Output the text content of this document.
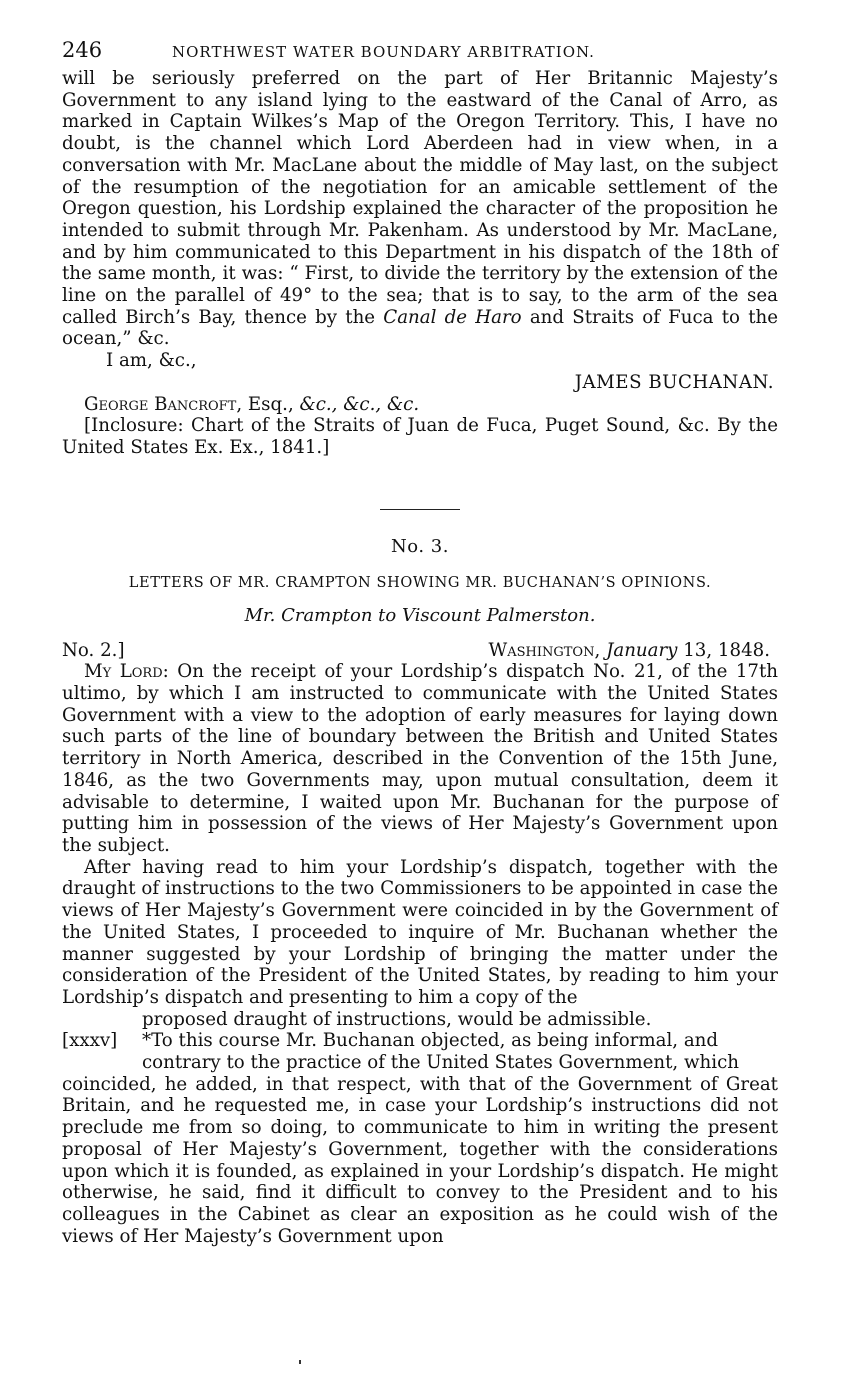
246	NORTHWEST WATER BOUNDARY ARBITRATION.

will be seriously preferred on the part of Her Britannic Majesty’s Government to any island lying to the eastward of the Canal of Arro, as marked in Captain Wilkes’s Map of the Oregon Territory. This, I have no doubt, is the channel which Lord Aberdeen had in view when, in a conversation with Mr. MacLane about the middle of May last, on the subject of the resumption of the negotiation for an amicable settlement of the Oregon question, his Lordship explained the character of the proposition he intended to submit through Mr. Pakenham. As understood by Mr. MacLane, and by him communicated to this Department in his dispatch of the 18th of the same month, it was: “ First, to divide the territory by the extension of the line on the parallel of 49° to the sea; that is to say, to the arm of the sea called Birch’s Bay, thence by the Canal de Haro and Straits of Fuca to the ocean,” &c.

I am, &c.,

JAMES BUCHANAN.

George Bancroft, Esq., &c., &c., &c.

[Inclosure: Chart of the Straits of Juan de Fuca, Puget Sound, &c. By the United States Ex. Ex., 1841.]

No. 3.
LETTERS OF MR. CRAMPTON SHOWING MR. BUCHANAN’S OPINIONS.
Mr. Crampton to Viscount Palmerston.
No. 2.]	Washington, January 13, 1848.

My Lord: On the receipt of your Lordship’s dispatch No. 21, of the 17th ultimo, by which I am instructed to communicate with the United States Government with a view to the adoption of early measures for laying down such parts of the line of boundary between the British and United States territory in North America, described in the Convention of the 15th June, 1846, as the two Governments may, upon mutual consultation, deem it advisable to determine, I waited upon Mr. Buchanan for the purpose of putting him in possession of the views of Her Majesty’s Government upon the subject.

After having read to him your Lordship’s dispatch, together with the draught of instructions to the two Commissioners to be appointed in case the views of Her Majesty’s Government were coincided in by the Government of the United States, I proceeded to inquire of Mr. Buchanan whether the manner suggested by your Lordship of bringing the matter under the consideration of the President of the United States, by reading to him your Lordship’s dispatch and presenting to him a copy of the

proposed draught of instructions, would be admissible.

[xxxv]	*To this course Mr. Buchanan objected, as being informal, and

contrary to the practice of the United States Government, which

coincided, he added, in that respect, with that of the Government of Great Britain, and he requested me, in case your Lordship’s instructions did not preclude me from so doing, to communicate to him in writing the present proposal of Her Majesty’s Government, together with the considerations upon which it is founded, as explained in your Lordship’s dispatch. He might otherwise, he said, find it difficult to convey to the President and to his colleagues in the Cabinet as clear an exposition as he could wish of the views of Her Majesty’s Government upon
